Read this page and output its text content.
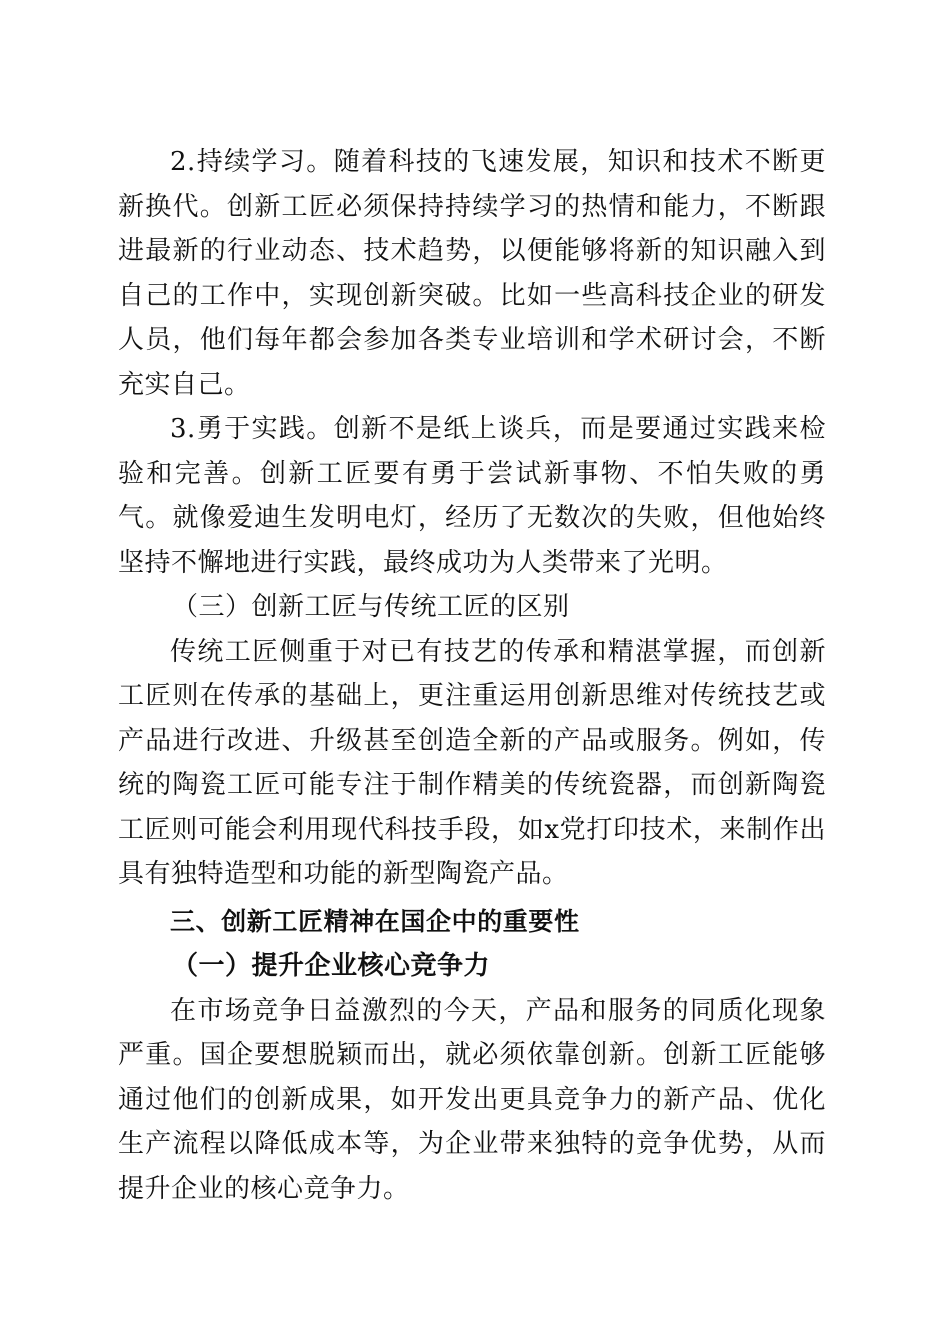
2.持续学习。随着科技的飞速发展，知识和技术不断更新换代。创新工匠必须保持持续学习的热情和能力，不断跟进最新的行业动态、技术趋势，以便能够将新的知识融入到自己的工作中，实现创新突破。比如一些高科技企业的研发人员，他们每年都会参加各类专业培训和学术研讨会，不断充实自己。

3.勇于实践。创新不是纸上谈兵，而是要通过实践来检验和完善。创新工匠要有勇于尝试新事物、不怕失败的勇气。就像爱迪生发明电灯，经历了无数次的失败，但他始终坚持不懈地进行实践，最终成功为人类带来了光明。

（三）创新工匠与传统工匠的区别

传统工匠侧重于对已有技艺的传承和精湛掌握，而创新工匠则在传承的基础上，更注重运用创新思维对传统技艺或产品进行改进、升级甚至创造全新的产品或服务。例如，传统的陶瓷工匠可能专注于制作精美的传统瓷器，而创新陶瓷工匠则可能会利用现代科技手段，如x党打印技术，来制作出具有独特造型和功能的新型陶瓷产品。

三、创新工匠精神在国企中的重要性

（一）提升企业核心竞争力

在市场竞争日益激烈的今天，产品和服务的同质化现象严重。国企要想脱颖而出，就必须依靠创新。创新工匠能够通过他们的创新成果，如开发出更具竞争力的新产品、优化生产流程以降低成本等，为企业带来独特的竞争优势，从而提升企业的核心竞争力。
